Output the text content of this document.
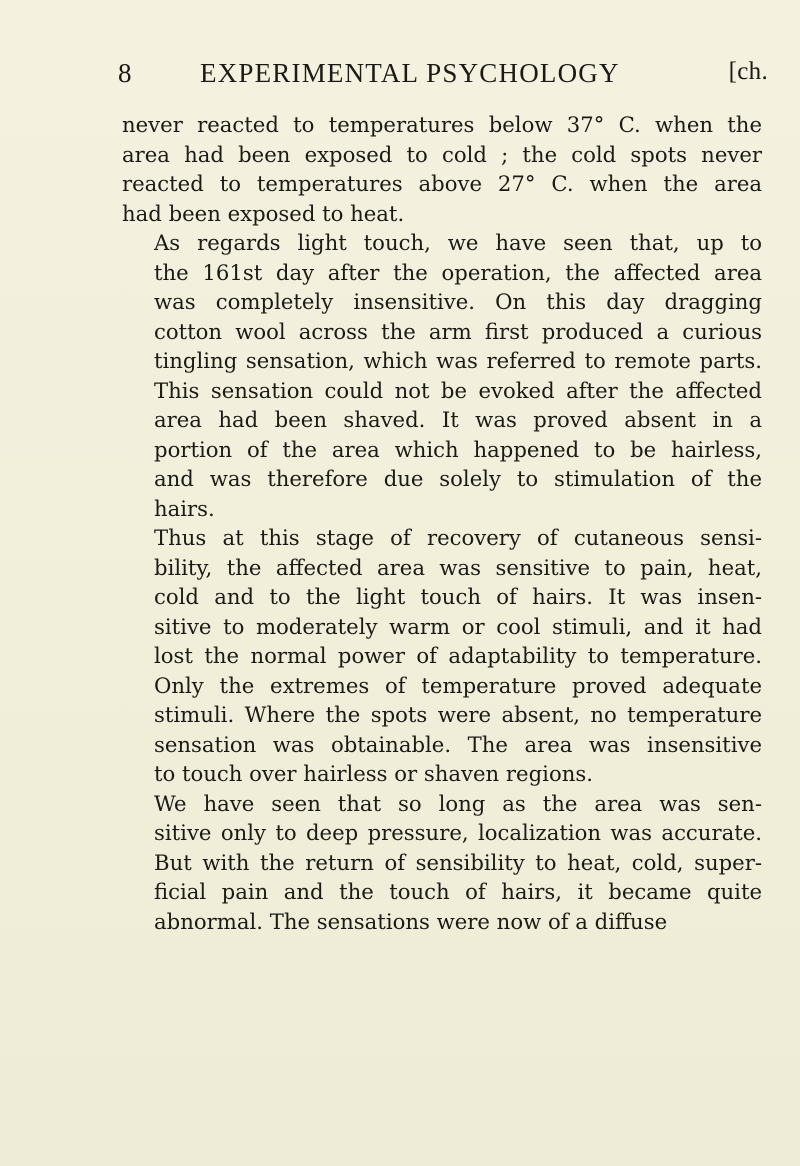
8	EXPERIMENTAL PSYCHOLOGY	[ch.

never reacted to temperatures below 37° C. when the
area had been exposed to cold ; the cold spots never
reacted to temperatures above 27° C. when the area
had been exposed to heat.

As regards light touch, we have seen that, up to
the 161st day after the operation, the affected area
was completely insensitive. On this day dragging
cotton wool across the arm first produced a curious
tingling sensation, which was referred to remote parts.
This sensation could not be evoked after the affected
area had been shaved. It was proved absent in a
portion of the area which happened to be hairless,
and was therefore due solely to stimulation of the
hairs.

Thus at this stage of recovery of cutaneous sensi-
bility, the affected area was sensitive to pain, heat,
cold and to the light touch of hairs. It was insen-
sitive to moderately warm or cool stimuli, and it had
lost the normal power of adaptability to temperature.
Only the extremes of temperature proved adequate
stimuli. Where the spots were absent, no temperature
sensation was obtainable. The area was insensitive
to touch over hairless or shaven regions.

We have seen that so long as the area was sen-
sitive only to deep pressure, localization was accurate.
But with the return of sensibility to heat, cold, super-
ficial pain and the touch of hairs, it became quite
abnormal. The sensations were now of a diffuse
